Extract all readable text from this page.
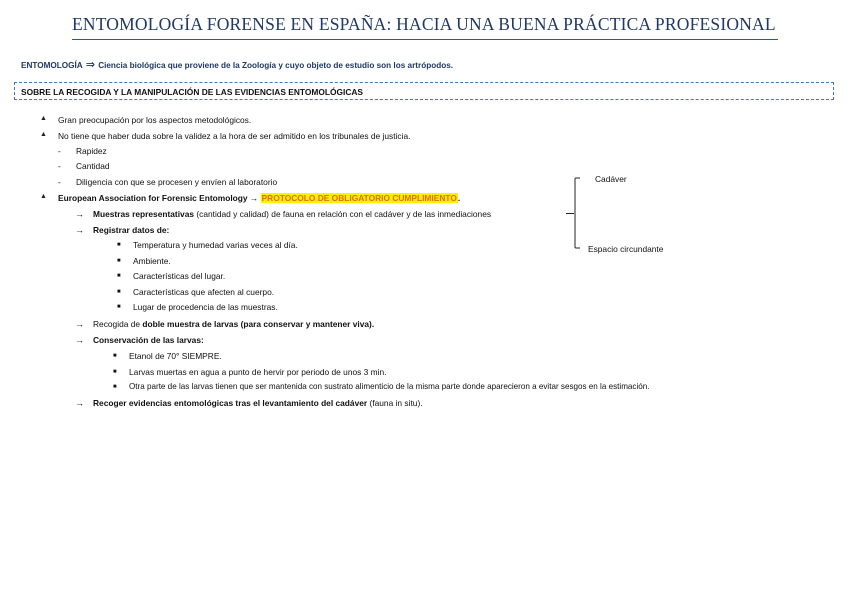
ENTOMOLOGÍA FORENSE EN ESPAÑA: HACIA UNA BUENA PRÁCTICA PROFESIONAL
ENTOMOLOGÍA ⇒ Ciencia biológica que proviene de la Zoología y cuyo objeto de estudio son los artrópodos.
SOBRE LA RECOGIDA Y LA MANIPULACIÓN DE LAS EVIDENCIAS ENTOMOLÓGICAS
▲ Gran preocupación por los aspectos metodológicos.
▲ No tiene que haber duda sobre la validez a la hora de ser admitido en los tribunales de justicia.
- Rapidez
- Cantidad
- Diligencia con que se procesen y envíen al laboratorio
▲ European Association for Forensic Entomology → PROTOCOLO DE OBLIGATORIO CUMPLIMIENTO.
→ Muestras representativas (cantidad y calidad) de fauna en relación con el cadáver y de las inmediaciones
→ Registrar datos de:
■ Temperatura y humedad varias veces al día.
■ Ambiente.
■ Características del lugar.
■ Características que afecten al cuerpo.
■ Lugar de procedencia de las muestras.
→ Recogida de doble muestra de larvas (para conservar y mantener viva).
→ Conservación de las larvas:
■ Etanol de 70° SIEMPRE.
■ Larvas muertas en agua a punto de hervir por periodo de unos 3 min.
■ Otra parte de las larvas tienen que ser mantenida con sustrato alimenticio de la misma parte donde aparecieron a evitar sesgos en la estimación.
→ Recoger evidencias entomológicas tras el levantamiento del cadáver (fauna in situ).
Cadáver
Espacio circundante
